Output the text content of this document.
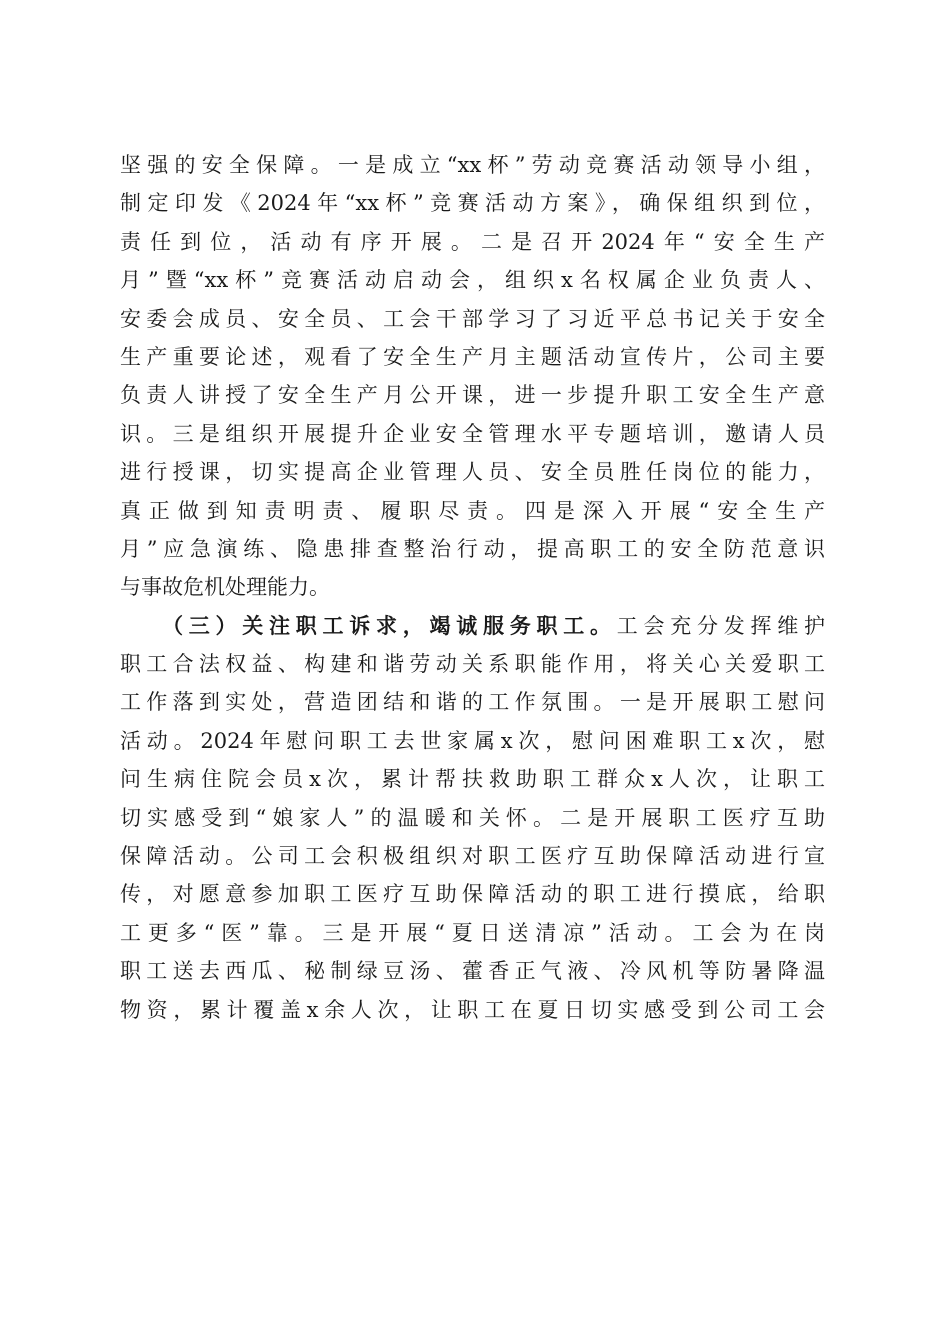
坚强的安全保障。一是成立“xx杯”劳动竞赛活动领导小组，
制定印发《2024年“xx杯”竞赛活动方案》，确保组织到位，
责任到位，活动有序开展。二是召开2024年“安全生产
月”暨“xx杯”竞赛活动启动会，组织x名权属企业负责人、
安委会成员、安全员、工会干部学习了习近平总书记关于安全
生产重要论述，观看了安全生产月主题活动宣传片，公司主要
负责人讲授了安全生产月公开课，进一步提升职工安全生产意
识。三是组织开展提升企业安全管理水平专题培训，邀请人员
进行授课，切实提高企业管理人员、安全员胜任岗位的能力，
真正做到知责明责、履职尽责。四是深入开展“安全生产
月”应急演练、隐患排查整治行动，提高职工的安全防范意识
与事故危机处理能力。
（三）关注职工诉求，竭诚服务职工。工会充分发挥维护
职工合法权益、构建和谐劳动关系职能作用，将关心关爱职工
工作落到实处，营造团结和谐的工作氛围。一是开展职工慰问
活动。2024年慰问职工去世家属x次，慰问困难职工x次，慰
问生病住院会员x次，累计帮扶救助职工群众x人次，让职工
切实感受到“娘家人”的温暖和关怀。二是开展职工医疗互助
保障活动。公司工会积极组织对职工医疗互助保障活动进行宣
传，对愿意参加职工医疗互助保障活动的职工进行摸底，给职
工更多“医”靠。三是开展“夏日送清凉”活动。工会为在岗
职工送去西瓜、秘制绿豆汤、藿香正气液、冷风机等防暑降温
物资，累计覆盖x余人次，让职工在夏日切实感受到公司工会
